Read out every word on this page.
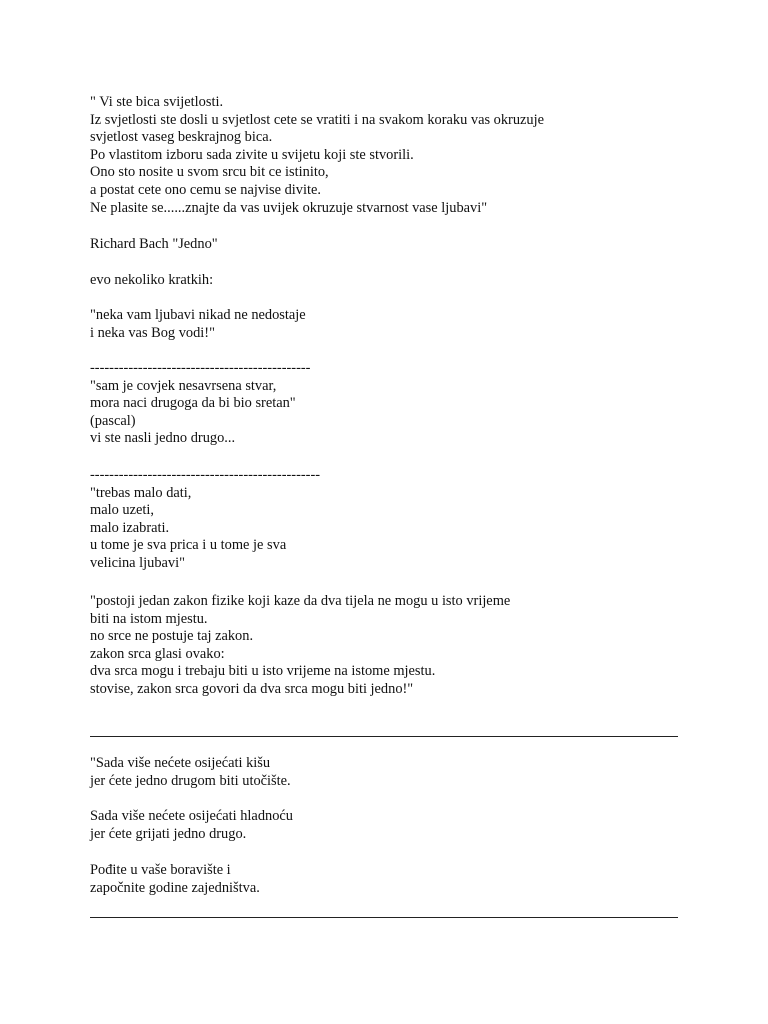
" Vi ste bica svijetlosti.
Iz svjetlosti ste dosli u svjetlost cete se vratiti i na svakom koraku vas okruzuje
svjetlost vaseg beskrajnog bica.
Po vlastitom izboru sada zivite u svijetu koji ste stvorili.
Ono sto nosite u svom srcu bit ce istinito,
a postat cete ono cemu se najvise divite.
Ne plasite se......znajte da vas uvijek okruzuje stvarnost vase ljubavi"
Richard Bach "Jedno"
evo nekoliko kratkih:
"neka vam ljubavi nikad ne nedostaje
i neka vas Bog vodi!"
----------------------------------------------
"sam je covjek nesavrsena stvar,
mora naci drugoga da bi bio sretan"
(pascal)
vi ste nasli jedno drugo...
------------------------------------------------
"trebas malo dati,
malo uzeti,
malo izabrati.
u tome je sva prica i u tome je sva
velicina ljubavi"
"postoji jedan zakon fizike koji kaze da dva tijela ne mogu u isto vrijeme
biti na istom mjestu.
no srce ne postuje taj zakon.
zakon srca glasi ovako:
dva srca mogu i trebaju biti u isto vrijeme na istome mjestu.
stovise, zakon srca govori da dva srca mogu biti jedno!"
"Sada više nećete osijećati kišu
jer ćete jedno drugom biti utočište.
Sada više nećete osijećati hladnoću
jer ćete grijati jedno drugo.
Pođite u vaše boravište i
započnite godine zajedništva.
